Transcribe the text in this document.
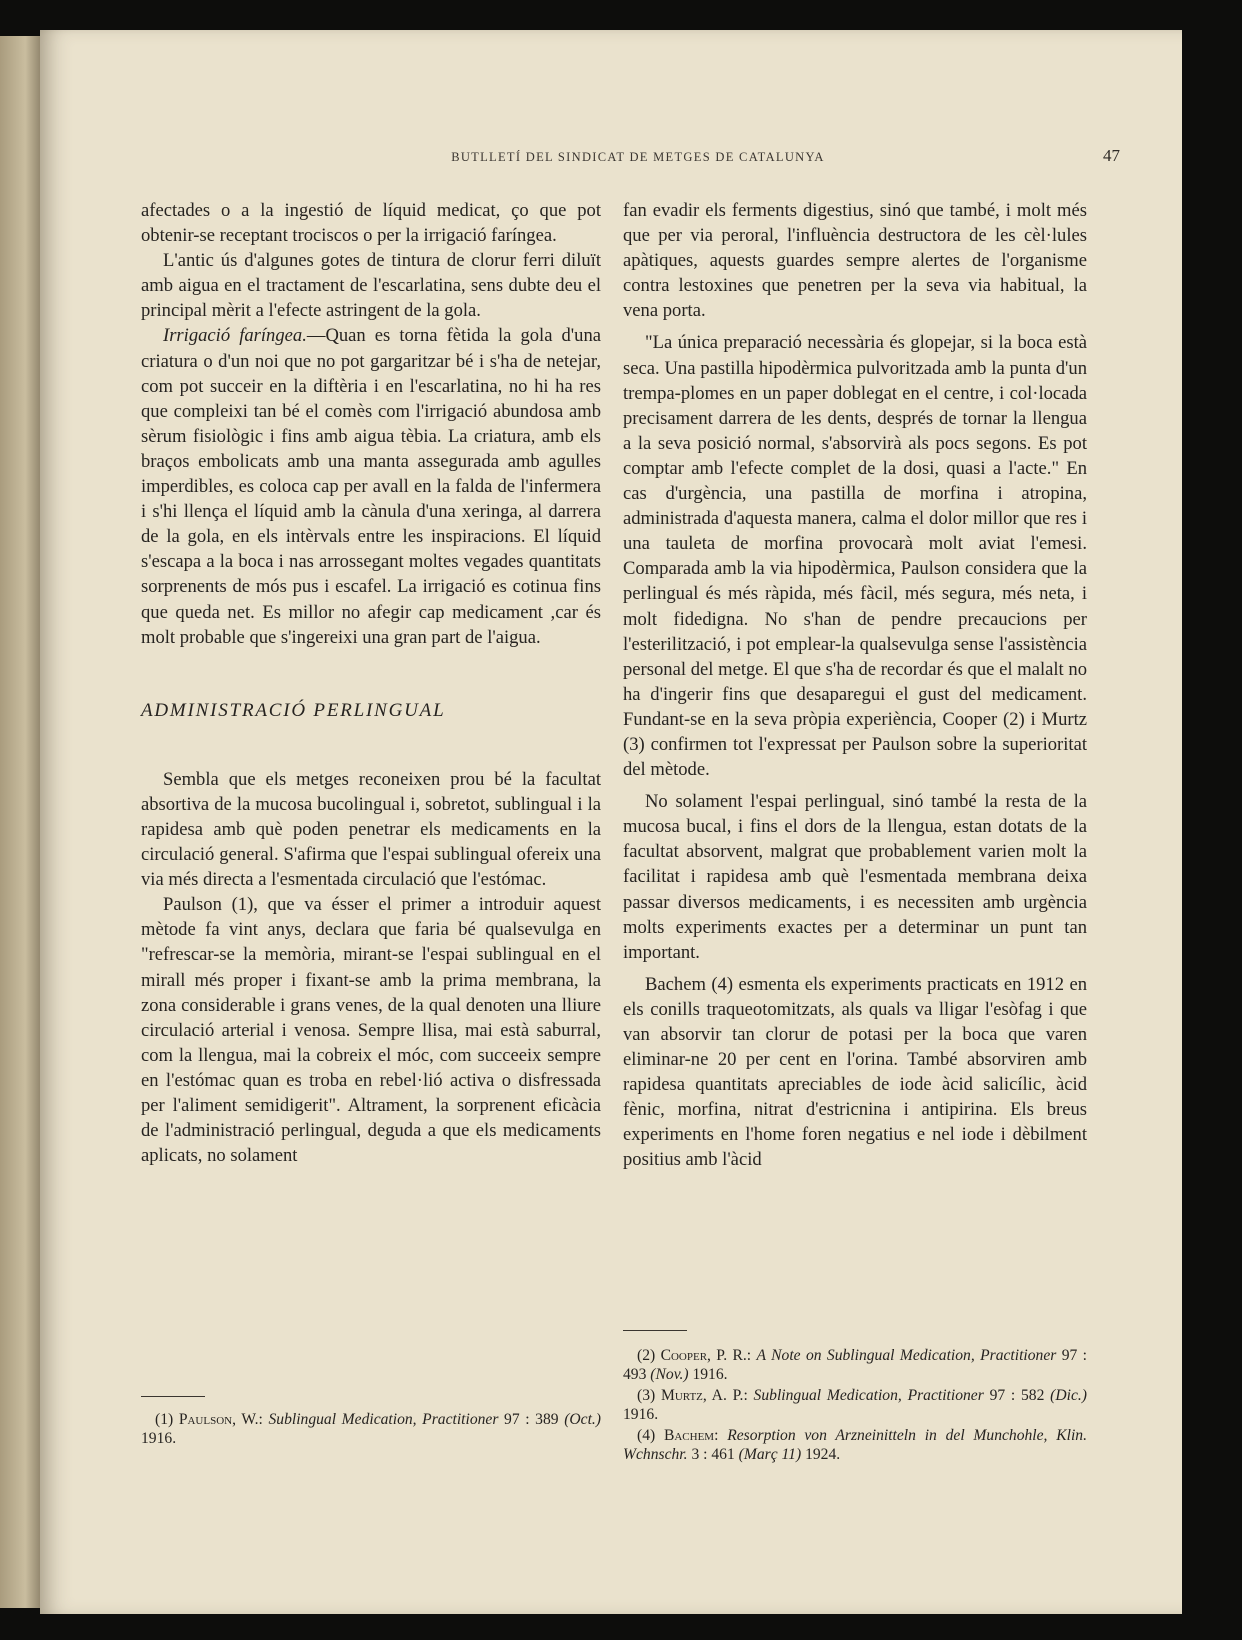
BUTLLETÍ DEL SINDICAT DE METGES DE CATALUNYA	47

afectades o a la ingestió de líquid medicat, ço que pot obtenir-se receptant trociscos o per la irrigació faríngea.

L'antic ús d'algunes gotes de tintura de clorur ferri diluït amb aigua en el tractament de l'escarlatina, sens dubte deu el principal mèrit a l'efecte astringent de la gola.

Irrigació faríngea.—Quan es torna fètida la gola d'una criatura o d'un noi que no pot gargaritzar bé i s'ha de netejar, com pot succeir en la diftèria i en l'escarlatina, no hi ha res que compleixi tan bé el comès com l'irrigació abundosa amb sèrum fisiològic i fins amb aigua tèbia. La criatura, amb els braços embolicats amb una manta assegurada amb agulles imperdibles, es coloca cap per avall en la falda de l'infermera i s'hi llença el líquid amb la cànula d'una xeringa, al darrera de la gola, en els intèrvals entre les inspiracions. El líquid s'escapa a la boca i nas arrossegant moltes vegades quantitats sorprenents de mós pus i escafel. La irrigació es cotinua fins que queda net. Es millor no afegir cap medicament ,car és molt probable que s'ingereixi una gran part de l'aigua.

ADMINISTRACIÓ PERLINGUAL

Sembla que els metges reconeixen prou bé la facultat absortiva de la mucosa bucolingual i, sobretot, sublingual i la rapidesa amb què poden penetrar els medicaments en la circulació general. S'afirma que l'espai sublingual ofereix una via més directa a l'esmentada circulació que l'estómac.

Paulson (1), que va ésser el primer a introduir aquest mètode fa vint anys, declara que faria bé qualsevulga en "refrescar-se la memòria, mirant-se l'espai sublingual en el mirall més proper i fixant-se amb la prima membrana, la zona considerable i grans venes, de la qual denoten una lliure circulació arterial i venosa. Sempre llisa, mai està saburral, com la llengua, mai la cobreix el móc, com succeeix sempre en l'estómac quan es troba en rebel·lió activa o disfressada per l'aliment semidigerit". Altrament, la sorprenent eficàcia de l'administració perlingual, deguda a que els medicaments aplicats, no solament

fan evadir els ferments digestius, sinó que també, i molt més que per via peroral, l'influència destructora de les cèl·lules apàtiques, aquests guardes sempre alertes de l'organisme contra lestoxines que penetren per la seva via habitual, la vena porta.

"La única preparació necessària és glopejar, si la boca està seca. Una pastilla hipodèrmica pulvoritzada amb la punta d'un trempa-plomes en un paper doblegat en el centre, i col·locada precisament darrera de les dents, després de tornar la llengua a la seva posició normal, s'absorvirà als pocs segons. Es pot comptar amb l'efecte complet de la dosi, quasi a l'acte." En cas d'urgència, una pastilla de morfina i atropina, administrada d'aquesta manera, calma el dolor millor que res i una tauleta de morfina provocarà molt aviat l'emesi. Comparada amb la via hipodèrmica, Paulson considera que la perlingual és més ràpida, més fàcil, més segura, més neta, i molt fidedigna. No s'han de pendre precaucions per l'esterilització, i pot emplear-la qualsevulga sense l'assistència personal del metge. El que s'ha de recordar és que el malalt no ha d'ingerir fins que desaparegui el gust del medicament. Fundant-se en la seva pròpia experiència, Cooper (2) i Murtz (3) confirmen tot l'expressat per Paulson sobre la superioritat del mètode.

No solament l'espai perlingual, sinó també la resta de la mucosa bucal, i fins el dors de la llengua, estan dotats de la facultat absorvent, malgrat que probablement varien molt la facilitat i rapidesa amb què l'esmentada membrana deixa passar diversos medicaments, i es necessiten amb urgència molts experiments exactes per a determinar un punt tan important.

Bachem (4) esmenta els experiments practicats en 1912 en els conills traqueotomitzats, als quals va lligar l'esòfag i que van absorvir tan clorur de potasi per la boca que varen eliminar-ne 20 per cent en l'orina. També absorviren amb rapidesa quantitats apreciables de iode àcid salicílic, àcid fènic, morfina, nitrat d'estricnina i antipirina. Els breus experiments en l'home foren negatius e nel iode i dèbilment positius amb l'àcid

(1) Paulson, W.: Sublingual Medication, Practitioner 97 : 389 (Oct.) 1916.

(2) Cooper, P. R.: A Note on Sublingual Medication, Practitioner 97 : 493 (Nov.) 1916.

(3) Murtz, A. P.: Sublingual Medication, Practitioner 97 : 582 (Dic.) 1916.

(4) Bachem: Resorption von Arzneinitteln in del Munchohle, Klin. Wchnschr. 3 : 461 (Març 11) 1924.
